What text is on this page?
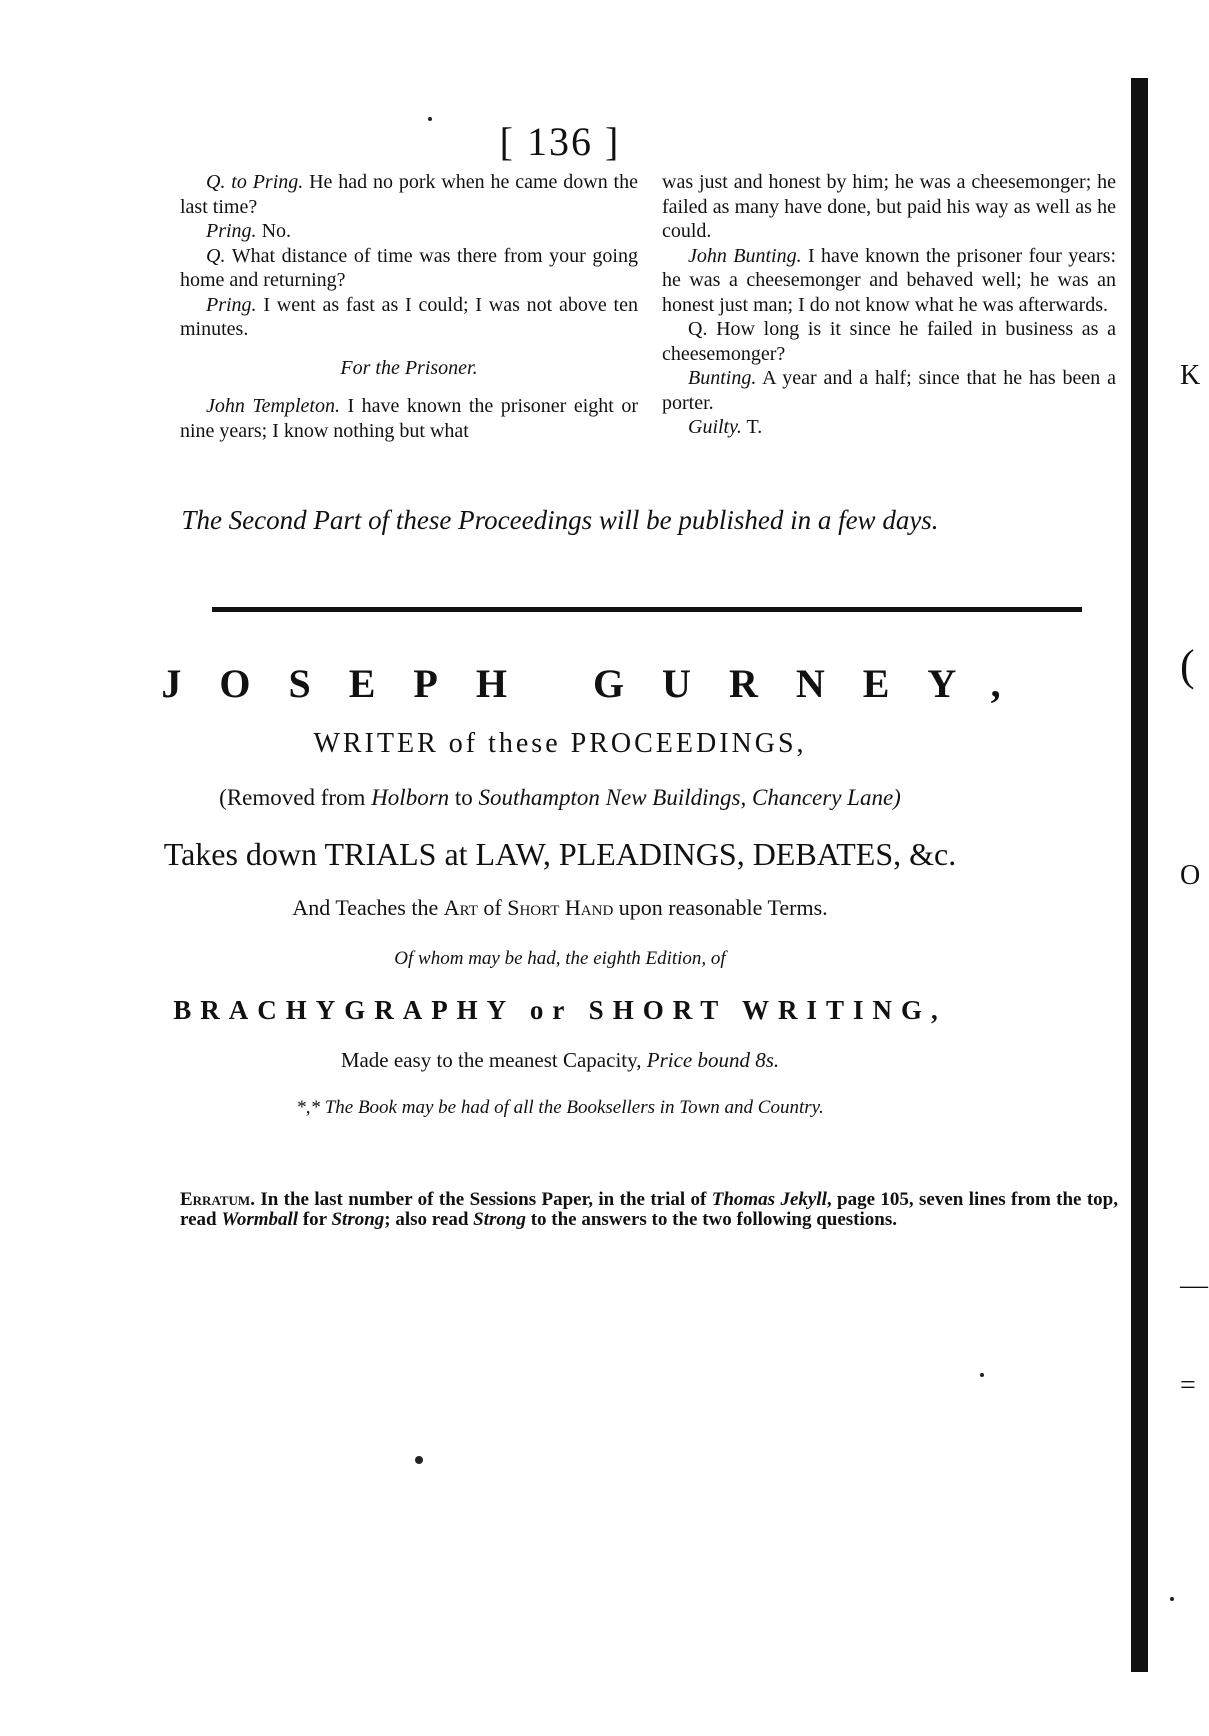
[ 136 ]

Q. to Pring. He had no pork when he came down the last time?

Pring. No.

Q. What distance of time was there from your going home and returning?

Pring. I went as fast as I could; I was not above ten minutes.

For the Prisoner.

John Templeton. I have known the prisoner eight or nine years; I know nothing but what

was just and honest by him; he was a cheesemonger; he failed as many have done, but paid his way as well as he could.

John Bunting. I have known the prisoner four years: he was a cheesemonger and behaved well; he was an honest just man; I do not know what he was afterwards.

Q. How long is it since he failed in business as a cheesemonger?

Bunting. A year and a half; since that he has been a porter.

Guilty. T.

The Second Part of these Proceedings will be published in a few days.
JOSEPH GURNEY,
WRITER of these PROCEEDINGS,
(Removed from Holborn to Southampton New Buildings, Chancery Lane)
Takes down TRIALS at LAW, PLEADINGS, DEBATES, &c.
And Teaches the Art of Short Hand upon reasonable Terms.
Of whom may be had, the eighth Edition, of
BRACHYGRAPHY or SHORT WRITING,
Made easy to the meanest Capacity, Price bound 8s.
*,* The Book may be had of all the Booksellers in Town and Country.
Erratum. In the last number of the Sessions Paper, in the trial of Thomas Jekyll, page 105, seven lines from the top, read Wormball for Strong; also read Strong to the answers to the two following questions.
K
(
O
—
=
